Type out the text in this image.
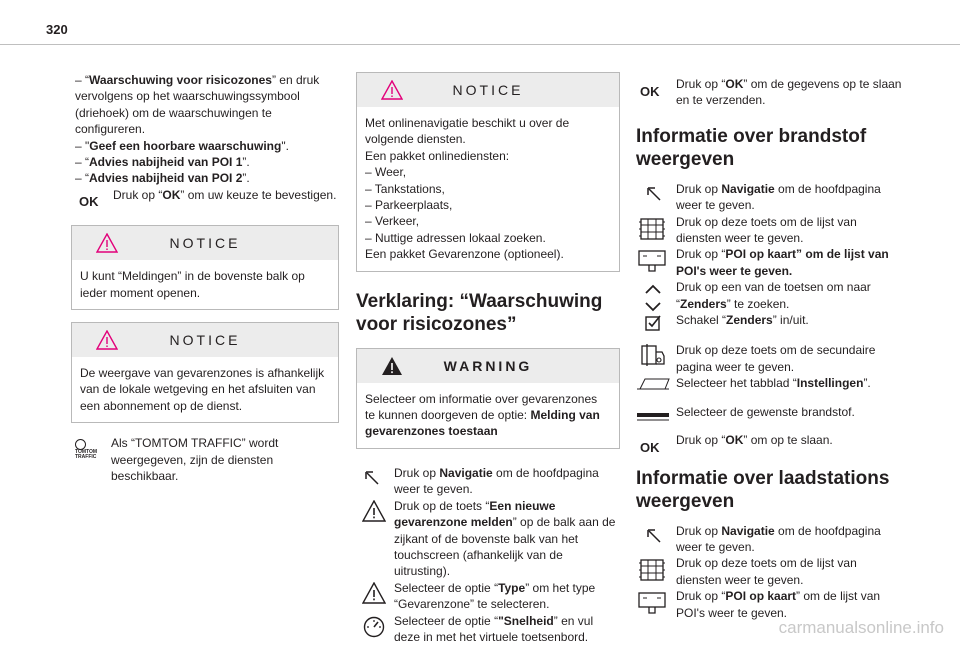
320

– “Waarschuwing voor risicozones” en druk vervolgens op het waarschuwingssymbool (driehoek) om de waarschuwingen te configureren.

– "Geef een hoorbare waarschuwing".

– “Advies nabijheid van POI 1”.

– “Advies nabijheid van POI 2”.

OK Druk op “OK” om uw keuze te bevestigen.
NOTICE
U kunt “Meldingen” in de bovenste balk op ieder moment openen.
NOTICE
De weergave van gevarenzones is afhankelijk van de lokale wetgeving en het afsluiten van een abonnement op de dienst.
TOMTOM
TRAFFIC
Als “TOMTOM TRAFFIC” wordt weergegeven, zijn de diensten beschikbaar.
NOTICE
Met onlinenavigatie beschikt u over de volgende diensten.
Een pakket onlinediensten:
– Weer,
– Tankstations,
– Parkeerplaats,
– Verkeer,
– Nuttige adressen lokaal zoeken.
Een pakket Gevarenzone (optioneel).
Verklaring: “Waarschuwing voor risicozones”
WARNING
Selecteer om informatie over gevarenzones te kunnen doorgeven de optie: Melding van gevarenzones toestaan
Druk op Navigatie om de hoofdpagina weer te geven.
Druk op de toets “Een nieuwe gevarenzone melden” op de balk aan de zijkant of de bovenste balk van het touchscreen (afhankelijk van de uitrusting).
Selecteer de optie “Type” om het type “Gevarenzone” te selecteren.
Selecteer de optie “"Snelheid” en vul deze in met het virtuele toetsenbord.
OK Druk op “OK” om de gegevens op te slaan en te verzenden.
Informatie over brandstof weergeven
Druk op Navigatie om de hoofdpagina weer te geven.
Druk op deze toets om de lijst van diensten weer te geven.
Druk op “POI op kaart” om de lijst van POI's weer te geven.
Druk op een van de toetsen om naar “Zenders” te zoeken.
Schakel “Zenders” in/uit.
Druk op deze toets om de secundaire pagina weer te geven.
Selecteer het tabblad “Instellingen”.
Selecteer de gewenste brandstof.
OK Druk op “OK” om op te slaan.
Informatie over laadstations weergeven
Druk op Navigatie om de hoofdpagina weer te geven.
Druk op deze toets om de lijst van diensten weer te geven.
Druk op “POI op kaart” om de lijst van POI's weer te geven.
carmanualsonline.info
